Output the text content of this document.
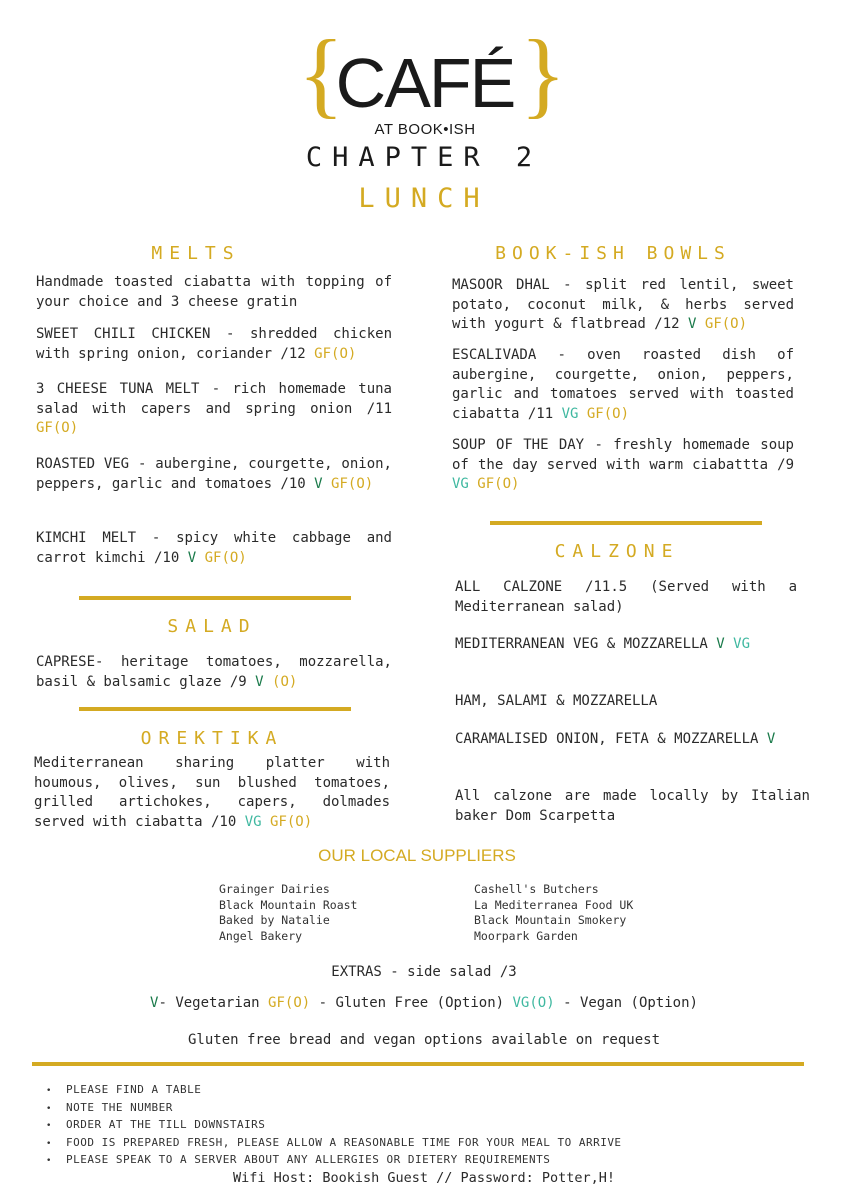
{
CAFÉ }
AT BOOK•ISH
CHAPTER 2
LUNCH
MELTS
Handmade toasted ciabatta with topping of your choice and 3 cheese gratin
SWEET CHILI CHICKEN - shredded chicken with spring onion, coriander /12 GF(O)
3 CHEESE TUNA MELT - rich homemade tuna salad with capers and spring onion /11 GF(O)
ROASTED VEG - aubergine, courgette, onion, peppers, garlic and tomatoes /10 V GF(O)
KIMCHI MELT - spicy white cabbage and carrot kimchi /10 V GF(O)
SALAD
CAPRESE- heritage tomatoes, mozzarella, basil & balsamic glaze /9 V (O)
OREKTIKA
Mediterranean sharing platter with houmous, olives, sun blushed tomatoes, grilled artichokes, capers, dolmades served with ciabatta /10 VG GF(O)
BOOK-ISH BOWLS
MASOOR DHAL - split red lentil, sweet potato, coconut milk, & herbs served with yogurt & flatbread /12 V GF(O)
ESCALIVADA - oven roasted dish of aubergine, courgette, onion, peppers, garlic and tomatoes served with toasted ciabatta /11 VG GF(O)
SOUP OF THE DAY - freshly homemade soup of the day served with warm ciabattta /9 VG GF(O)
CALZONE
ALL CALZONE /11.5 (Served with a Mediterranean salad)
MEDITERRANEAN VEG & MOZZARELLA V VG
HAM, SALAMI & MOZZARELLA
CARAMALISED ONION, FETA & MOZZARELLA V
All calzone are made locally by Italian baker Dom Scarpetta
OUR LOCAL SUPPLIERS
Grainger Dairies
Black Mountain Roast
Baked by Natalie
Angel Bakery
Cashell's Butchers
La Mediterranea Food UK
Black Mountain Smokery
Moorpark Garden
EXTRAS - side salad /3
V- Vegetarian GF(O) - Gluten Free (Option) VG(O) - Vegan (Option)
Gluten free bread and vegan options available on request
• PLEASE FIND A TABLE
• NOTE THE NUMBER
• ORDER AT THE TILL DOWNSTAIRS
• FOOD IS PREPARED FRESH, PLEASE ALLOW A REASONABLE TIME FOR YOUR MEAL TO ARRIVE
• PLEASE SPEAK TO A SERVER ABOUT ANY ALLERGIES OR DIETERY REQUIREMENTS
Wifi Host: Bookish Guest // Password: Potter,H!
